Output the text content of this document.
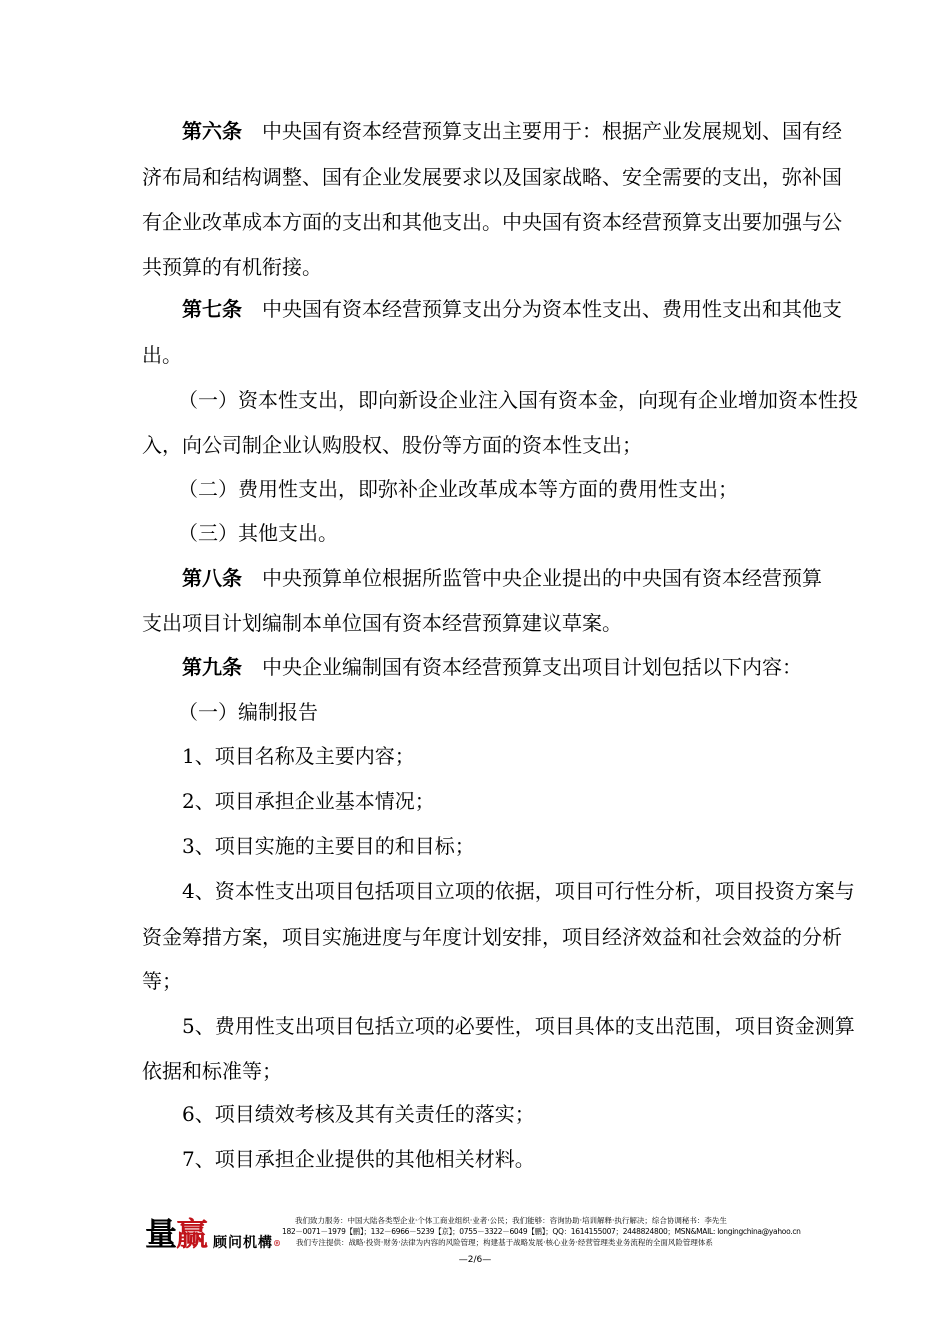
第六条 中央国有资本经营预算支出主要用于：根据产业发展规划、国有经
济布局和结构调整、国有企业发展要求以及国家战略、安全需要的支出，弥补国
有企业改革成本方面的支出和其他支出。中央国有资本经营预算支出要加强与公
共预算的有机衔接。
第七条 中央国有资本经营预算支出分为资本性支出、费用性支出和其他支
出。
（一）资本性支出，即向新设企业注入国有资本金，向现有企业增加资本性投
入，向公司制企业认购股权、股份等方面的资本性支出；
（二）费用性支出，即弥补企业改革成本等方面的费用性支出；
（三）其他支出。
第八条 中央预算单位根据所监管中央企业提出的中央国有资本经营预算
支出项目计划编制本单位国有资本经营预算建议草案。
第九条 中央企业编制国有资本经营预算支出项目计划包括以下内容：
（一）编制报告
1、项目名称及主要内容；
2、项目承担企业基本情况；
3、项目实施的主要目的和目标；
4、资本性支出项目包括项目立项的依据，项目可行性分析，项目投资方案与
资金筹措方案，项目实施进度与年度计划安排，项目经济效益和社会效益的分析
等；
5、费用性支出项目包括立项的必要性，项目具体的支出范围，项目资金测算
依据和标准等；
6、项目绩效考核及其有关责任的落实；
7、项目承担企业提供的其他相关材料。
量赢 顾问机構®
我们致力服务：中国大陆各类型企业·个体工商业组织·业者·公民；我们能够：咨询协助·培训解释·执行解决；综合协调秘书：李先生
182－0071－1979【鹏】；132－6966－5239【京】；0755－3322－6049【鹏】；QQ：1614155007；2448824800；MSN&MAIL: longingchina@yahoo.cn
我们专注提供：战略·投资·财务·法律为内容的风险管理；构建基于战略发展·核心业务·经营管理类业务流程的全面风险管理体系
—2/6—
